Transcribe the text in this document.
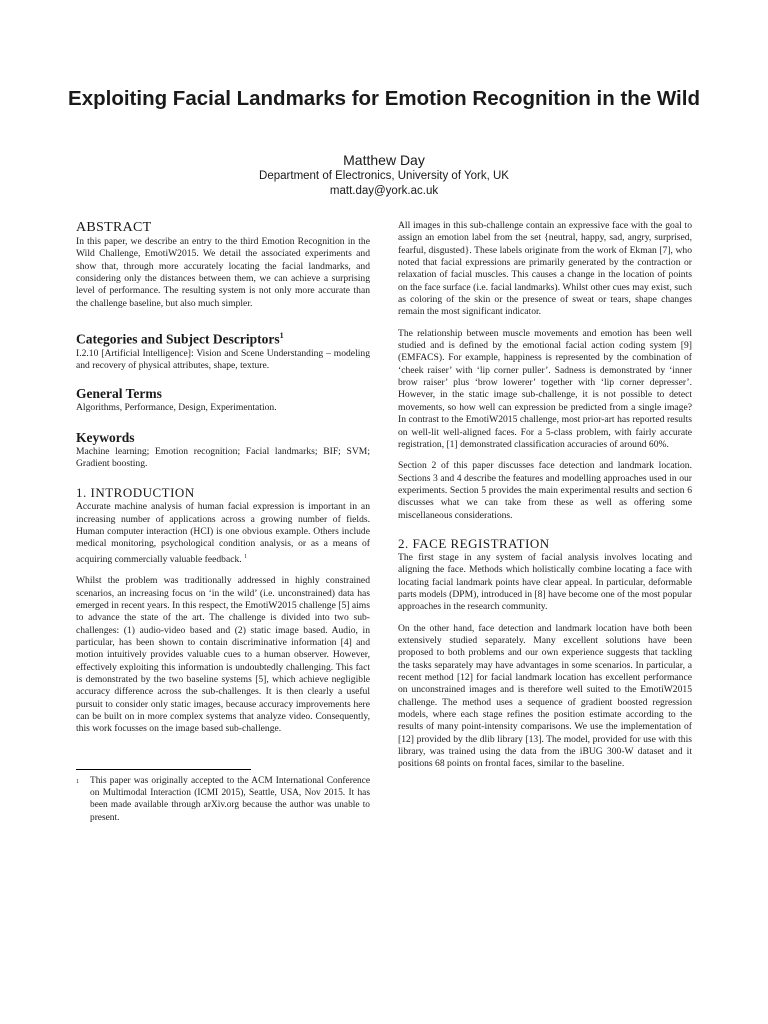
Exploiting Facial Landmarks for Emotion Recognition in the Wild
Matthew Day
Department of Electronics, University of York, UK
matt.day@york.ac.uk
ABSTRACT

In this paper, we describe an entry to the third Emotion Recognition in the Wild Challenge, EmotiW2015. We detail the associated experiments and show that, through more accurately locating the facial landmarks, and considering only the distances between them, we can achieve a surprising level of performance. The resulting system is not only more accurate than the challenge baseline, but also much simpler.

Categories and Subject Descriptors$^1$

I.2.10 [Artificial Intelligence]: Vision and Scene Understanding – modeling and recovery of physical attributes, shape, texture.

General Terms

Algorithms, Performance, Design, Experimentation.

Keywords

Machine learning; Emotion recognition; Facial landmarks; BIF; SVM; Gradient boosting.

1. INTRODUCTION

Accurate machine analysis of human facial expression is important in an increasing number of applications across a growing number of fields. Human computer interaction (HCI) is one obvious example. Others include medical monitoring, psychological condition analysis, or as a means of acquiring commercially valuable feedback. $^1$

Whilst the problem was traditionally addressed in highly constrained scenarios, an increasing focus on ‘in the wild’ (i.e. unconstrained) data has emerged in recent years. In this respect, the EmotiW2015 challenge [5] aims to advance the state of the art. The challenge is divided into two sub-challenges: (1) audio-video based and (2) static image based. Audio, in particular, has been shown to contain discriminative information [4] and motion intuitively provides valuable cues to a human observer. However, effectively exploiting this information is undoubtedly challenging. This fact is demonstrated by the two baseline systems [5], which achieve negligible accuracy difference across the sub-challenges. It is then clearly a useful pursuit to consider only static images, because accuracy improvements here can be built on in more complex systems that analyze video. Consequently, this work focusses on the image based sub-challenge.

1	This paper was originally accepted to the ACM International Conference on Multimodal Interaction (ICMI 2015), Seattle, USA, Nov 2015. It has been made available through arXiv.org because the author was unable to present.

All images in this sub-challenge contain an expressive face with the goal to assign an emotion label from the set {neutral, happy, sad, angry, surprised, fearful, disgusted}. These labels originate from the work of Ekman [7], who noted that facial expressions are primarily generated by the contraction or relaxation of facial muscles. This causes a change in the location of points on the face surface (i.e. facial landmarks). Whilst other cues may exist, such as coloring of the skin or the presence of sweat or tears, shape changes remain the most significant indicator.

The relationship between muscle movements and emotion has been well studied and is defined by the emotional facial action coding system [9] (EMFACS). For example, happiness is represented by the combination of ‘cheek raiser’ with ‘lip corner puller’. Sadness is demonstrated by ‘inner brow raiser’ plus ‘brow lowerer’ together with ‘lip corner depresser’. However, in the static image sub-challenge, it is not possible to detect movements, so how well can expression be predicted from a single image? In contrast to the EmotiW2015 challenge, most prior-art has reported results on well-lit well-aligned faces. For a 5-class problem, with fairly accurate registration, [1] demonstrated classification accuracies of around 60%.

Section 2 of this paper discusses face detection and landmark location. Sections 3 and 4 describe the features and modelling approaches used in our experiments. Section 5 provides the main experimental results and section 6 discusses what we can take from these as well as offering some miscellaneous considerations.

2. FACE REGISTRATION

The first stage in any system of facial analysis involves locating and aligning the face. Methods which holistically combine locating a face with locating facial landmark points have clear appeal. In particular, deformable parts models (DPM), introduced in [8] have become one of the most popular approaches in the research community.

On the other hand, face detection and landmark location have both been extensively studied separately. Many excellent solutions have been proposed to both problems and our own experience suggests that tackling the tasks separately may have advantages in some scenarios. In particular, a recent method [12] for facial landmark location has excellent performance on unconstrained images and is therefore well suited to the EmotiW2015 challenge. The method uses a sequence of gradient boosted regression models, where each stage refines the position estimate according to the results of many point-intensity comparisons. We use the implementation of [12] provided by the dlib library [13]. The model, provided for use with this library, was trained using the data from the iBUG 300-W dataset and it positions 68 points on frontal faces, similar to the baseline.
